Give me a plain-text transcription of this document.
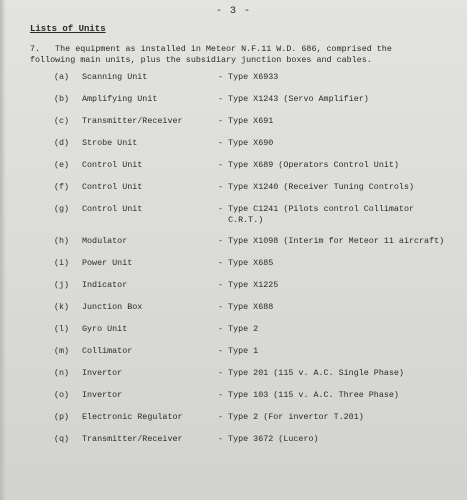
- 3 -
Lists of Units
7.   The equipment as installed in Meteor N.F.11 W.D. 686, comprised the
following main units, plus the subsidiary junction boxes and cables.
(a)	Scanning Unit	- Type X6933
(b)	Amplifying Unit	- Type X1243 (Servo Amplifier)
(c)	Transmitter/Receiver	- Type X691
(d)	Strobe Unit	- Type X690
(e)	Control Unit	- Type X689 (Operators Control Unit)
(f)	Control Unit	- Type X1240 (Receiver Tuning Controls)
(g)	Control Unit	- Type C1241 (Pilots control Collimator
C.R.T.)
(h)	Modulator	- Type X1098 (Interim for Meteor 11 aircraft)
(i)	Power Unit	- Type X685
(j)	Indicator	- Type X1225
(k)	Junction Box	- Type X688
(l)	Gyro Unit	- Type 2
(m)	Collimator	- Type 1
(n)	Invertor	- Type 201 (115 v. A.C. Single Phase)
(o)	Invertor	- Type 103 (115 v. A.C. Three Phase)
(p)	Electronic Regulator	- Type 2 (For invertor T.201)
(q)	Transmitter/Receiver	- Type 3672 (Lucero)
